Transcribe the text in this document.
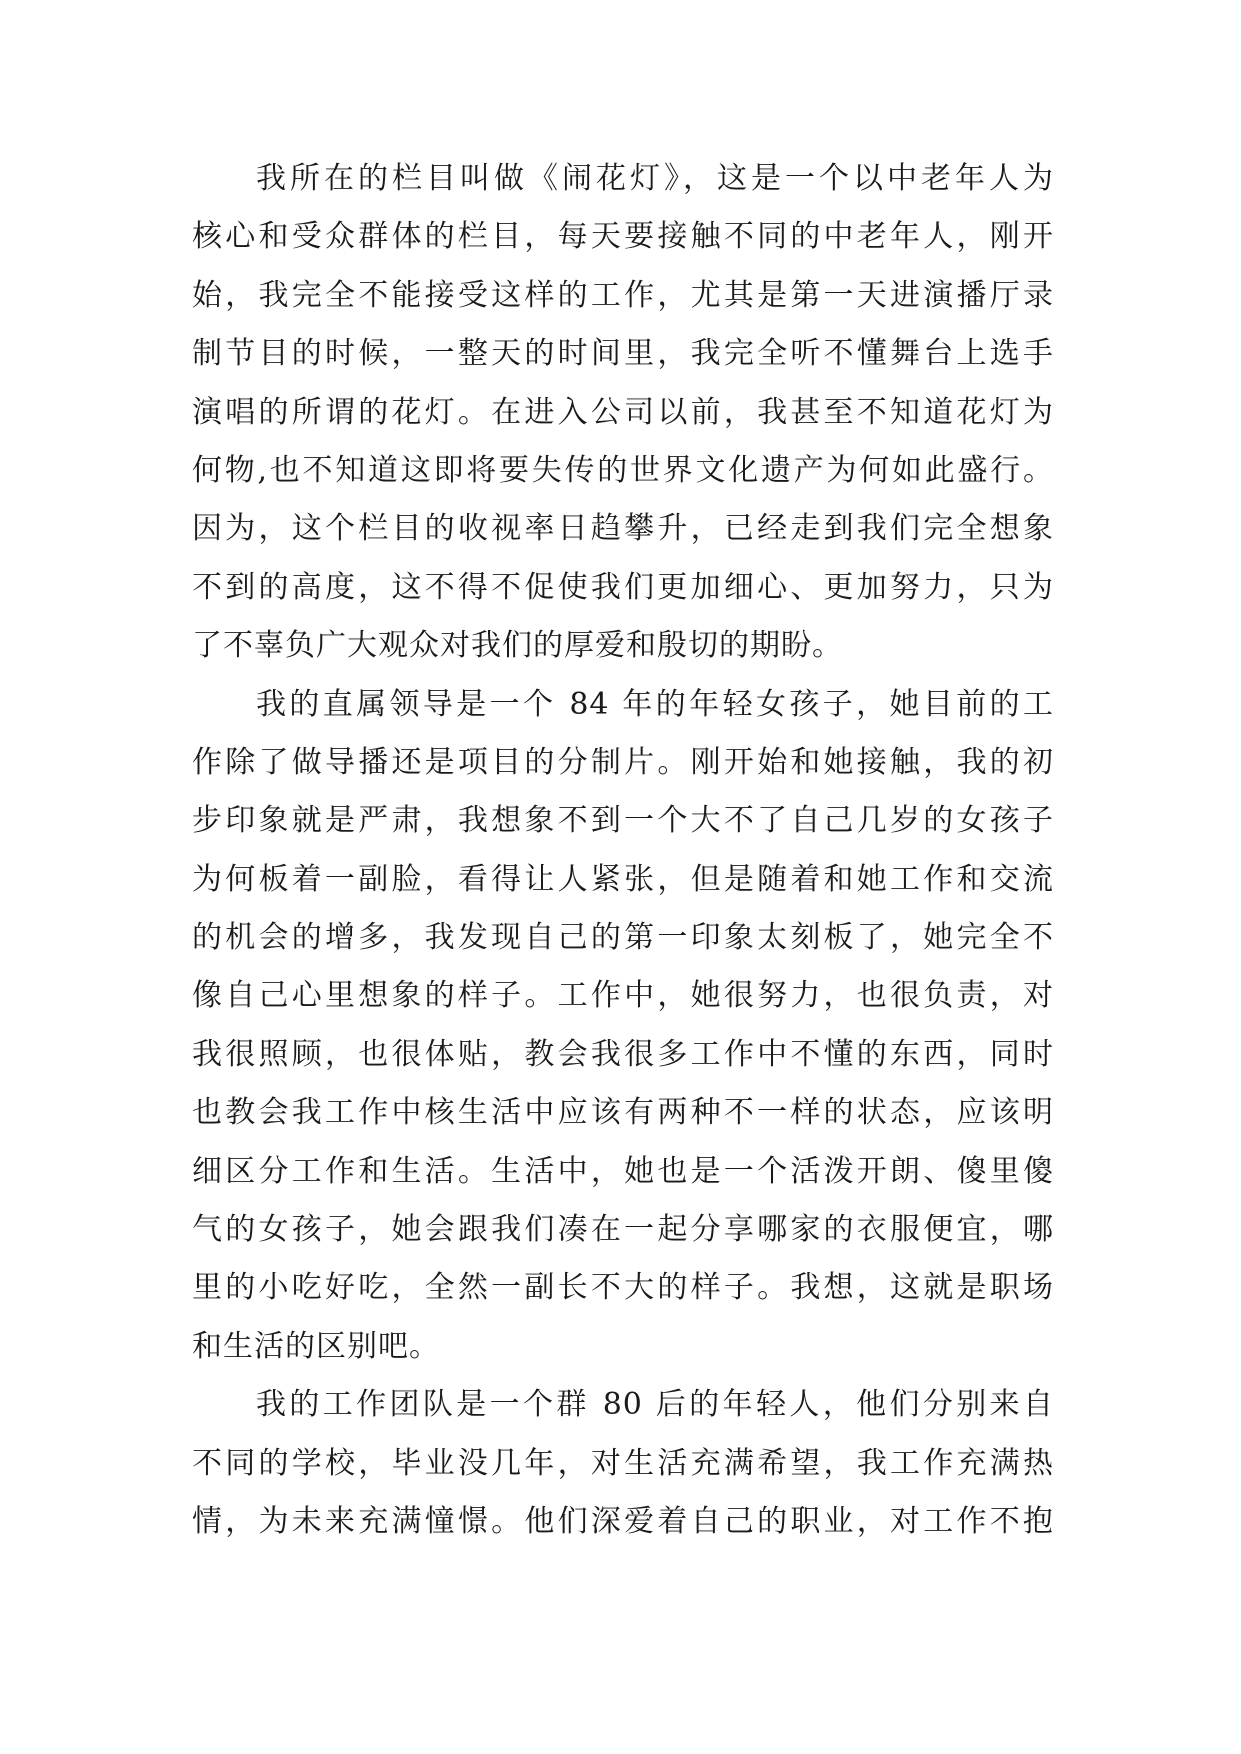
我所在的栏目叫做《闹花灯》，这是一个以中老年人为
核心和受众群体的栏目，每天要接触不同的中老年人，刚开
始，我完全不能接受这样的工作，尤其是第一天进演播厅录
制节目的时候，一整天的时间里，我完全听不懂舞台上选手
演唱的所谓的花灯。在进入公司以前，我甚至不知道花灯为
何物,也不知道这即将要失传的世界文化遗产为何如此盛行。
因为，这个栏目的收视率日趋攀升，已经走到我们完全想象
不到的高度，这不得不促使我们更加细心、更加努力，只为
了不辜负广大观众对我们的厚爱和殷切的期盼。
我的直属领导是一个 84 年的年轻女孩子，她目前的工
作除了做导播还是项目的分制片。刚开始和她接触，我的初
步印象就是严肃，我想象不到一个大不了自己几岁的女孩子
为何板着一副脸，看得让人紧张，但是随着和她工作和交流
的机会的增多，我发现自己的第一印象太刻板了，她完全不
像自己心里想象的样子。工作中，她很努力，也很负责，对
我很照顾，也很体贴，教会我很多工作中不懂的东西，同时
也教会我工作中核生活中应该有两种不一样的状态，应该明
细区分工作和生活。生活中，她也是一个活泼开朗、傻里傻
气的女孩子，她会跟我们凑在一起分享哪家的衣服便宜，哪
里的小吃好吃，全然一副长不大的样子。我想，这就是职场
和生活的区别吧。
我的工作团队是一个群 80 后的年轻人，他们分别来自
不同的学校，毕业没几年，对生活充满希望，我工作充满热
情，为未来充满憧憬。他们深爱着自己的职业，对工作不抱
